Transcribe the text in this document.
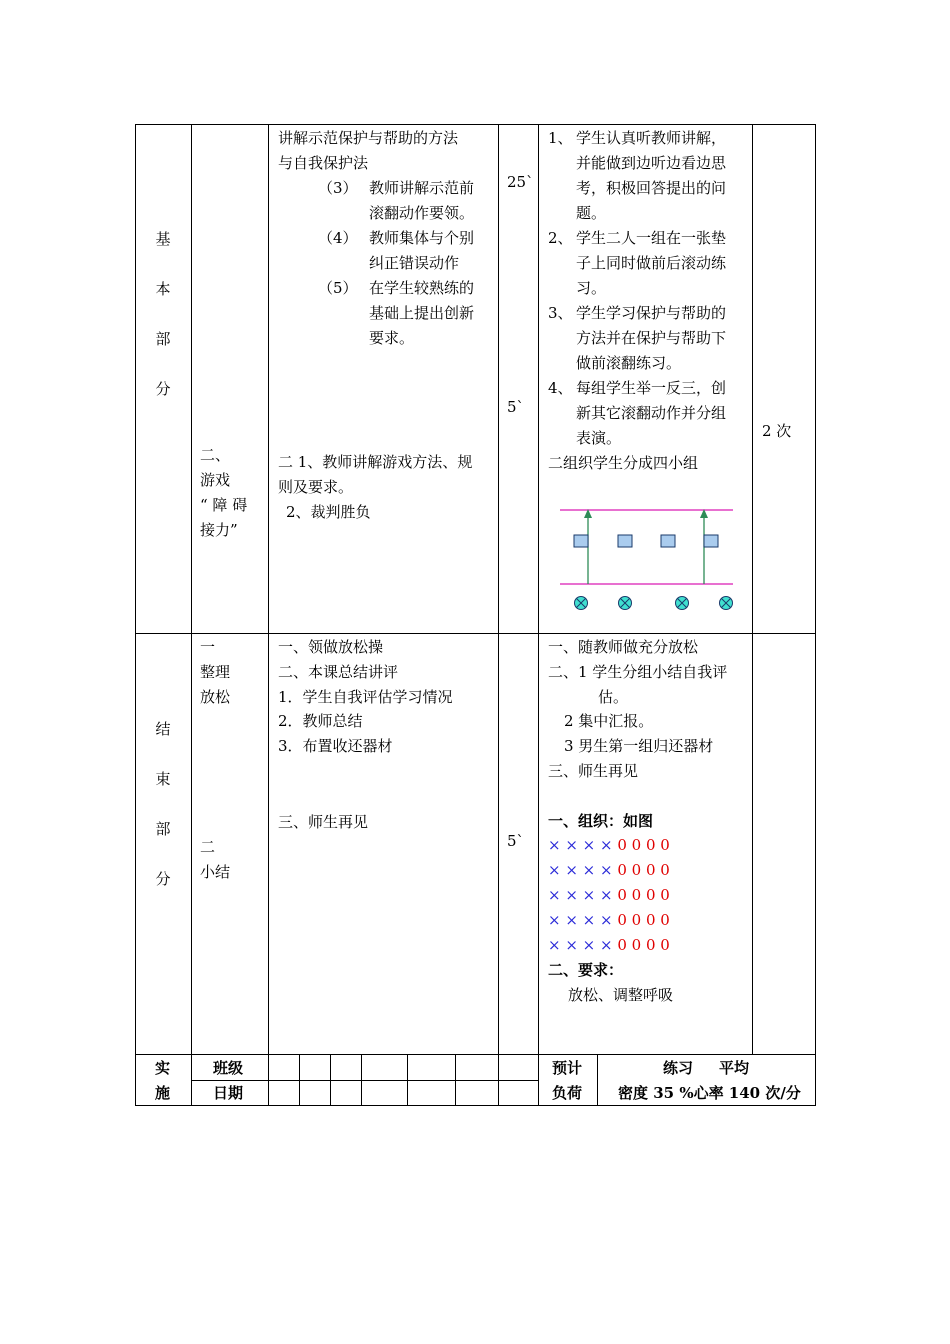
基
本
部
分
二、
游戏
“ 障 碍
接力”
讲解示范保护与帮助的方法
与自我保护法
（3） 教师讲解示范前
滚翻动作要领。
（4） 教师集体与个别
纠正错误动作
（5） 在学生较熟练的
基础上提出创新
要求。
二 1、教师讲解游戏方法、规
则及要求。
2、裁判胜负
25`
5`
1、 学生认真听教师讲解，
并能做到边听边看边思
考，积极回答提出的问
题。
2、 学生二人一组在一张垫
子上同时做前后滚动练
习。
3、 学生学习保护与帮助的
方法并在保护与帮助下
做前滚翻练习。
4、 每组学生举一反三，创
新其它滚翻动作并分组
表演。
二组织学生分成四小组
2 次
结
束
部
分
一
整理
放松
二
小结
一、领做放松操
二、本课总结讲评
1．学生自我评估学习情况
2．教师总结
3．布置收还器材
三、师生再见
5`
一、随教师做充分放松
二、1 学生分组小结自我评
估。
2 集中汇报。
3 男生第一组归还器材
三、师生再见
一、组织：如图
× × × × 0 0 0 0
× × × × 0 0 0 0
× × × × 0 0 0 0
× × × × 0 0 0 0
× × × × 0 0 0 0
二、要求：
放松、调整呼吸
实
施
班级
日期
预计
负荷
练习 平均
密度 35 %心率 140 次/分
